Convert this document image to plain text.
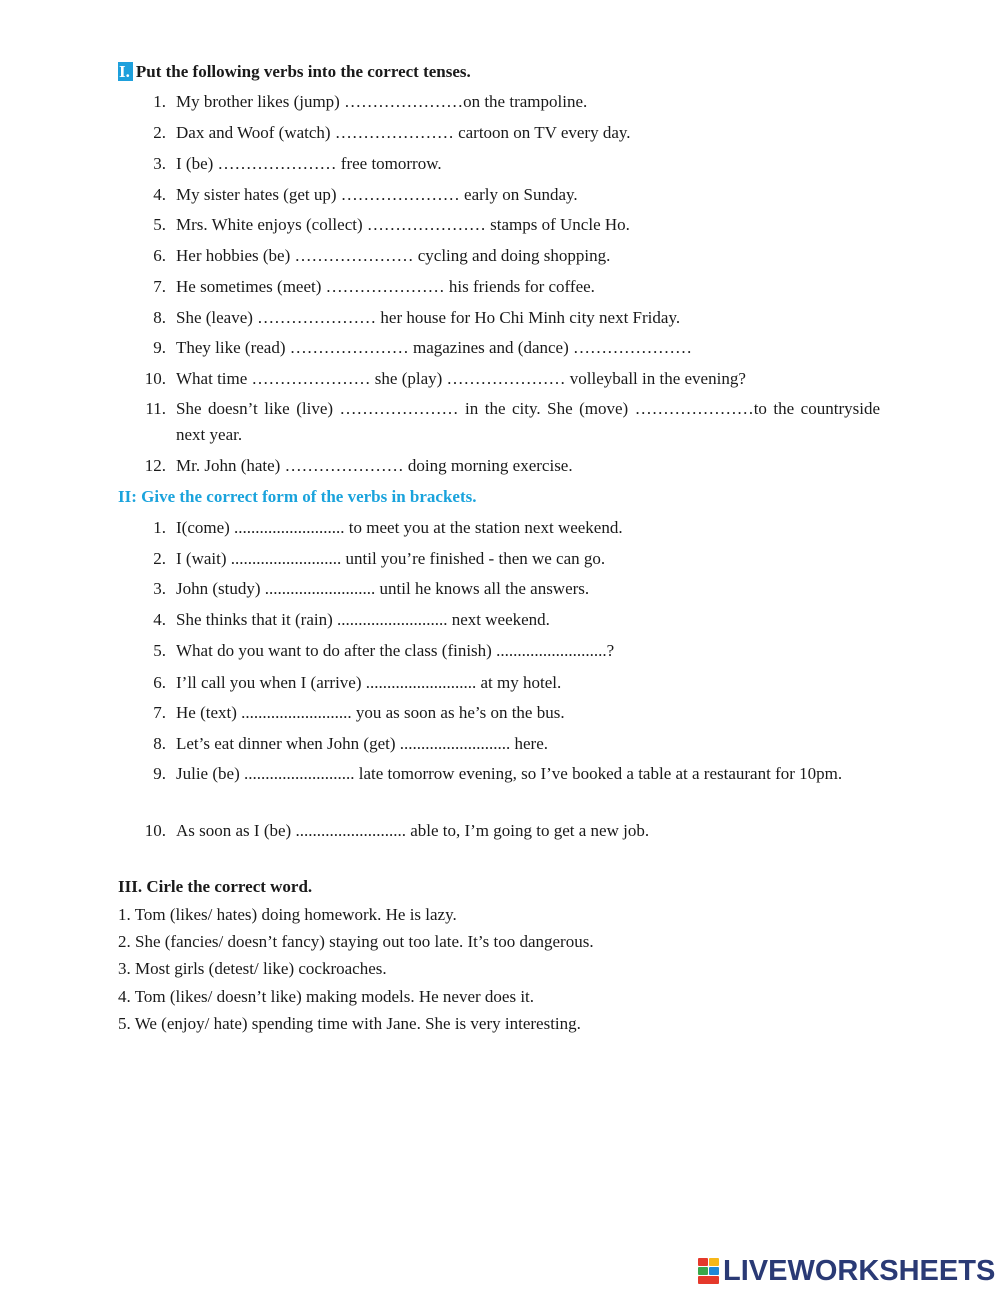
I. Put the following verbs into the correct tenses.
1. My brother likes (jump) …………………on the trampoline.
2. Dax and Woof (watch) ………………… cartoon on TV every day.
3. I (be) ………………… free tomorrow.
4. My sister hates (get up) ………………… early on Sunday.
5. Mrs. White enjoys (collect) ………………… stamps of Uncle Ho.
6. Her hobbies (be) ………………… cycling and doing shopping.
7. He sometimes (meet) ………………… his friends for coffee.
8. She (leave) ………………… her house for Ho Chi Minh city next Friday.
9. They like (read) ………………… magazines and (dance) …………………
10. What time ………………… she (play) ………………… volleyball in the evening?
11. She doesn’t like (live) ………………… in the city. She (move) …………………to the countryside next year.
12. Mr. John (hate) ………………… doing morning exercise.
II: Give the correct form of the verbs in brackets.
1. I(come) .......................... to meet you at the station next weekend.
2. I (wait) .......................... until you’re finished - then we can go.
3. John (study) .......................... until he knows all the answers.
4. She thinks that it (rain) .......................... next weekend.
5. What do you want to do after the class (finish) ..........................?
6. I’ll call you when I (arrive) .......................... at my hotel.
7. He (text) .......................... you as soon as he’s on the bus.
8. Let’s eat dinner when John (get) .......................... here.
9. Julie (be) .......................... late tomorrow evening, so I’ve booked a table at a restaurant for 10pm.
10. As soon as I (be) .......................... able to, I’m going to get a new job.
III. Cirle the correct word.
1. Tom (likes/ hates) doing homework. He is lazy.
2. She (fancies/ doesn’t fancy) staying out too late. It’s too dangerous.
3. Most girls (detest/ like) cockroaches.
4. Tom (likes/ doesn’t like) making models. He never does it.
5. We (enjoy/ hate) spending time with Jane. She is very interesting.
LIVEWORKSHEETS
